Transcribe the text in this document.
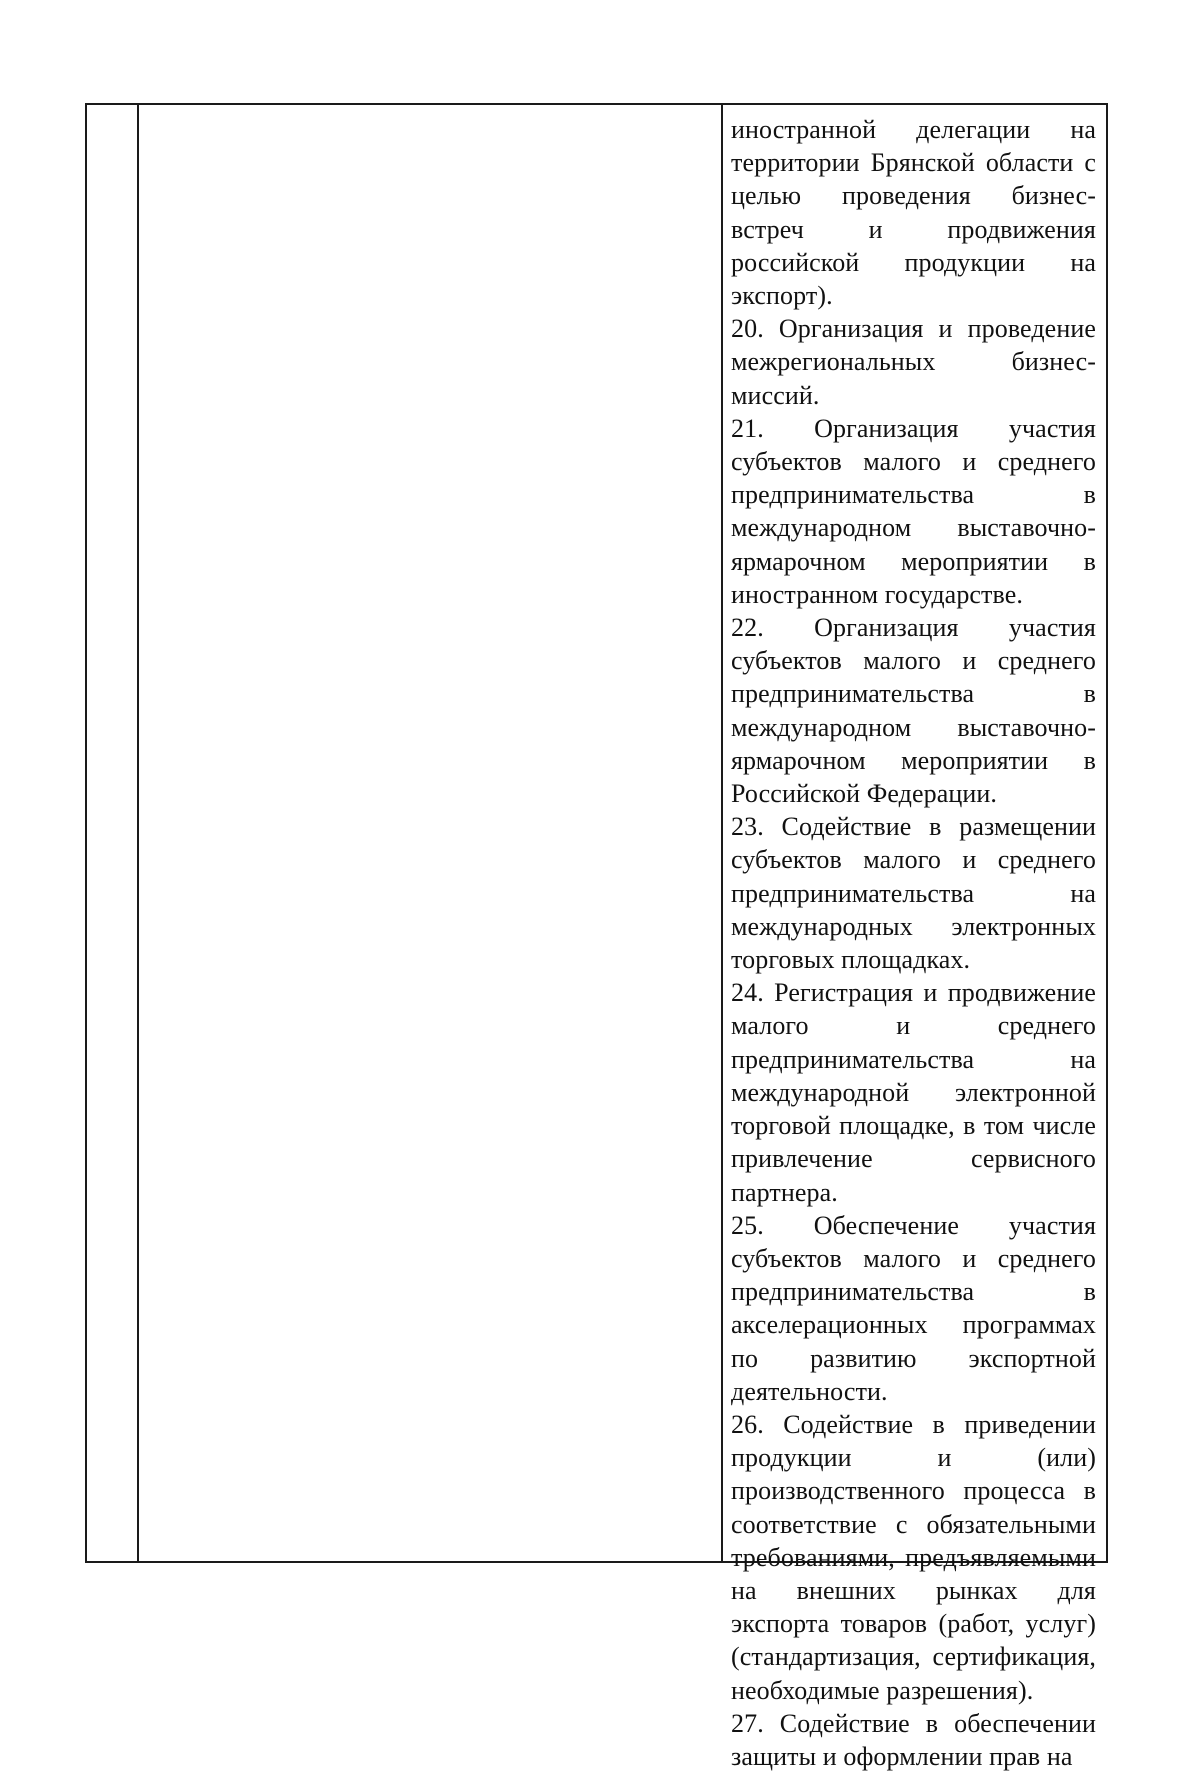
иностранной делегации на территории Брянской области с целью проведения бизнес-встреч и продвижения российской продукции на экспорт).

20. Организация и проведение межрегиональных бизнес-миссий.

21. Организация участия субъектов малого и среднего предпринимательства в международном выставочно-ярмарочном мероприятии в иностранном государстве.

22. Организация участия субъектов малого и среднего предпринимательства в международном выставочно-ярмарочном мероприятии в Российской Федерации.

23. Содействие в размещении субъектов малого и среднего предпринимательства на международных электронных торговых площадках.

24. Регистрация и продвижение малого и среднего предпринимательства на международной электронной торговой площадке, в том числе привлечение сервисного партнера.

25. Обеспечение участия субъектов малого и среднего предпринимательства в акселерационных программах по развитию экспортной деятельности.

26. Содействие в приведении продукции и (или) производственного процесса в соответствие с обязательными требованиями, предъявляемыми на внешних рынках для экспорта товаров (работ, услуг) (стандартизация, сертификация, необходимые разрешения).

27. Содействие в обеспечении защиты и оформлении прав на
